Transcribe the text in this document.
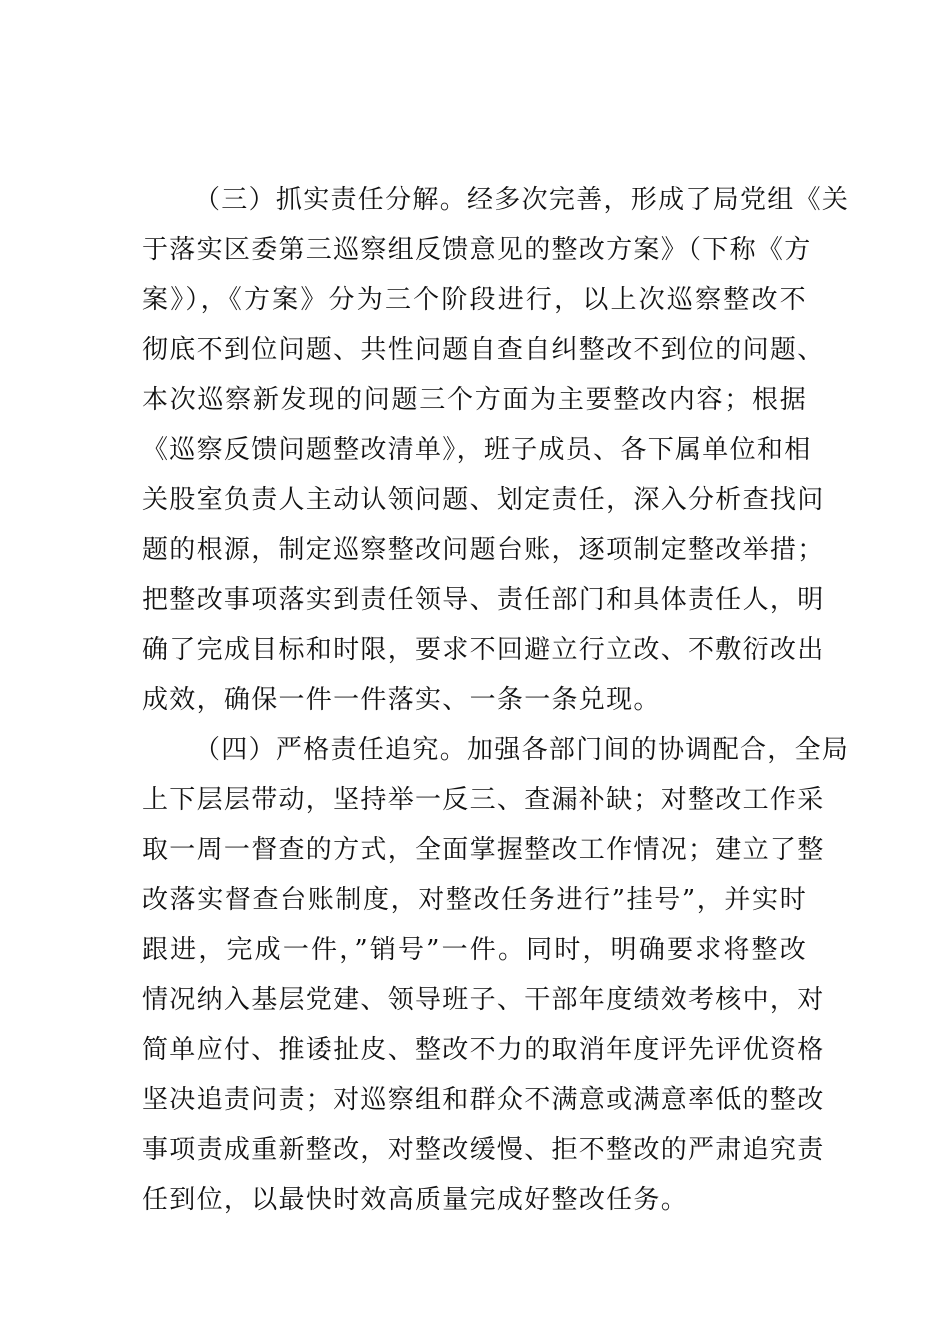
（三）抓实责任分解。经多次完善，形成了局党组《关
于落实区委第三巡察组反馈意见的整改方案》（下称《方
案》），《方案》分为三个阶段进行，以上次巡察整改不
彻底不到位问题、共性问题自查自纠整改不到位的问题、
本次巡察新发现的问题三个方面为主要整改内容；根据
《巡察反馈问题整改清单》，班子成员、各下属单位和相
关股室负责人主动认领问题、划定责任，深入分析查找问
题的根源，制定巡察整改问题台账，逐项制定整改举措；
把整改事项落实到责任领导、责任部门和具体责任人，明
确了完成目标和时限，要求不回避立行立改、不敷衍改出
成效，确保一件一件落实、一条一条兑现。
（四）严格责任追究。加强各部门间的协调配合，全局
上下层层带动，坚持举一反三、查漏补缺；对整改工作采
取一周一督查的方式，全面掌握整改工作情况；建立了整
改落实督查台账制度，对整改任务进行”挂号”，并实时
跟进，完成一件，”销号”一件。同时，明确要求将整改
情况纳入基层党建、领导班子、干部年度绩效考核中，对
简单应付、推诿扯皮、整改不力的取消年度评先评优资格
坚决追责问责；对巡察组和群众不满意或满意率低的整改
事项责成重新整改，对整改缓慢、拒不整改的严肃追究责
任到位，以最快时效高质量完成好整改任务。
